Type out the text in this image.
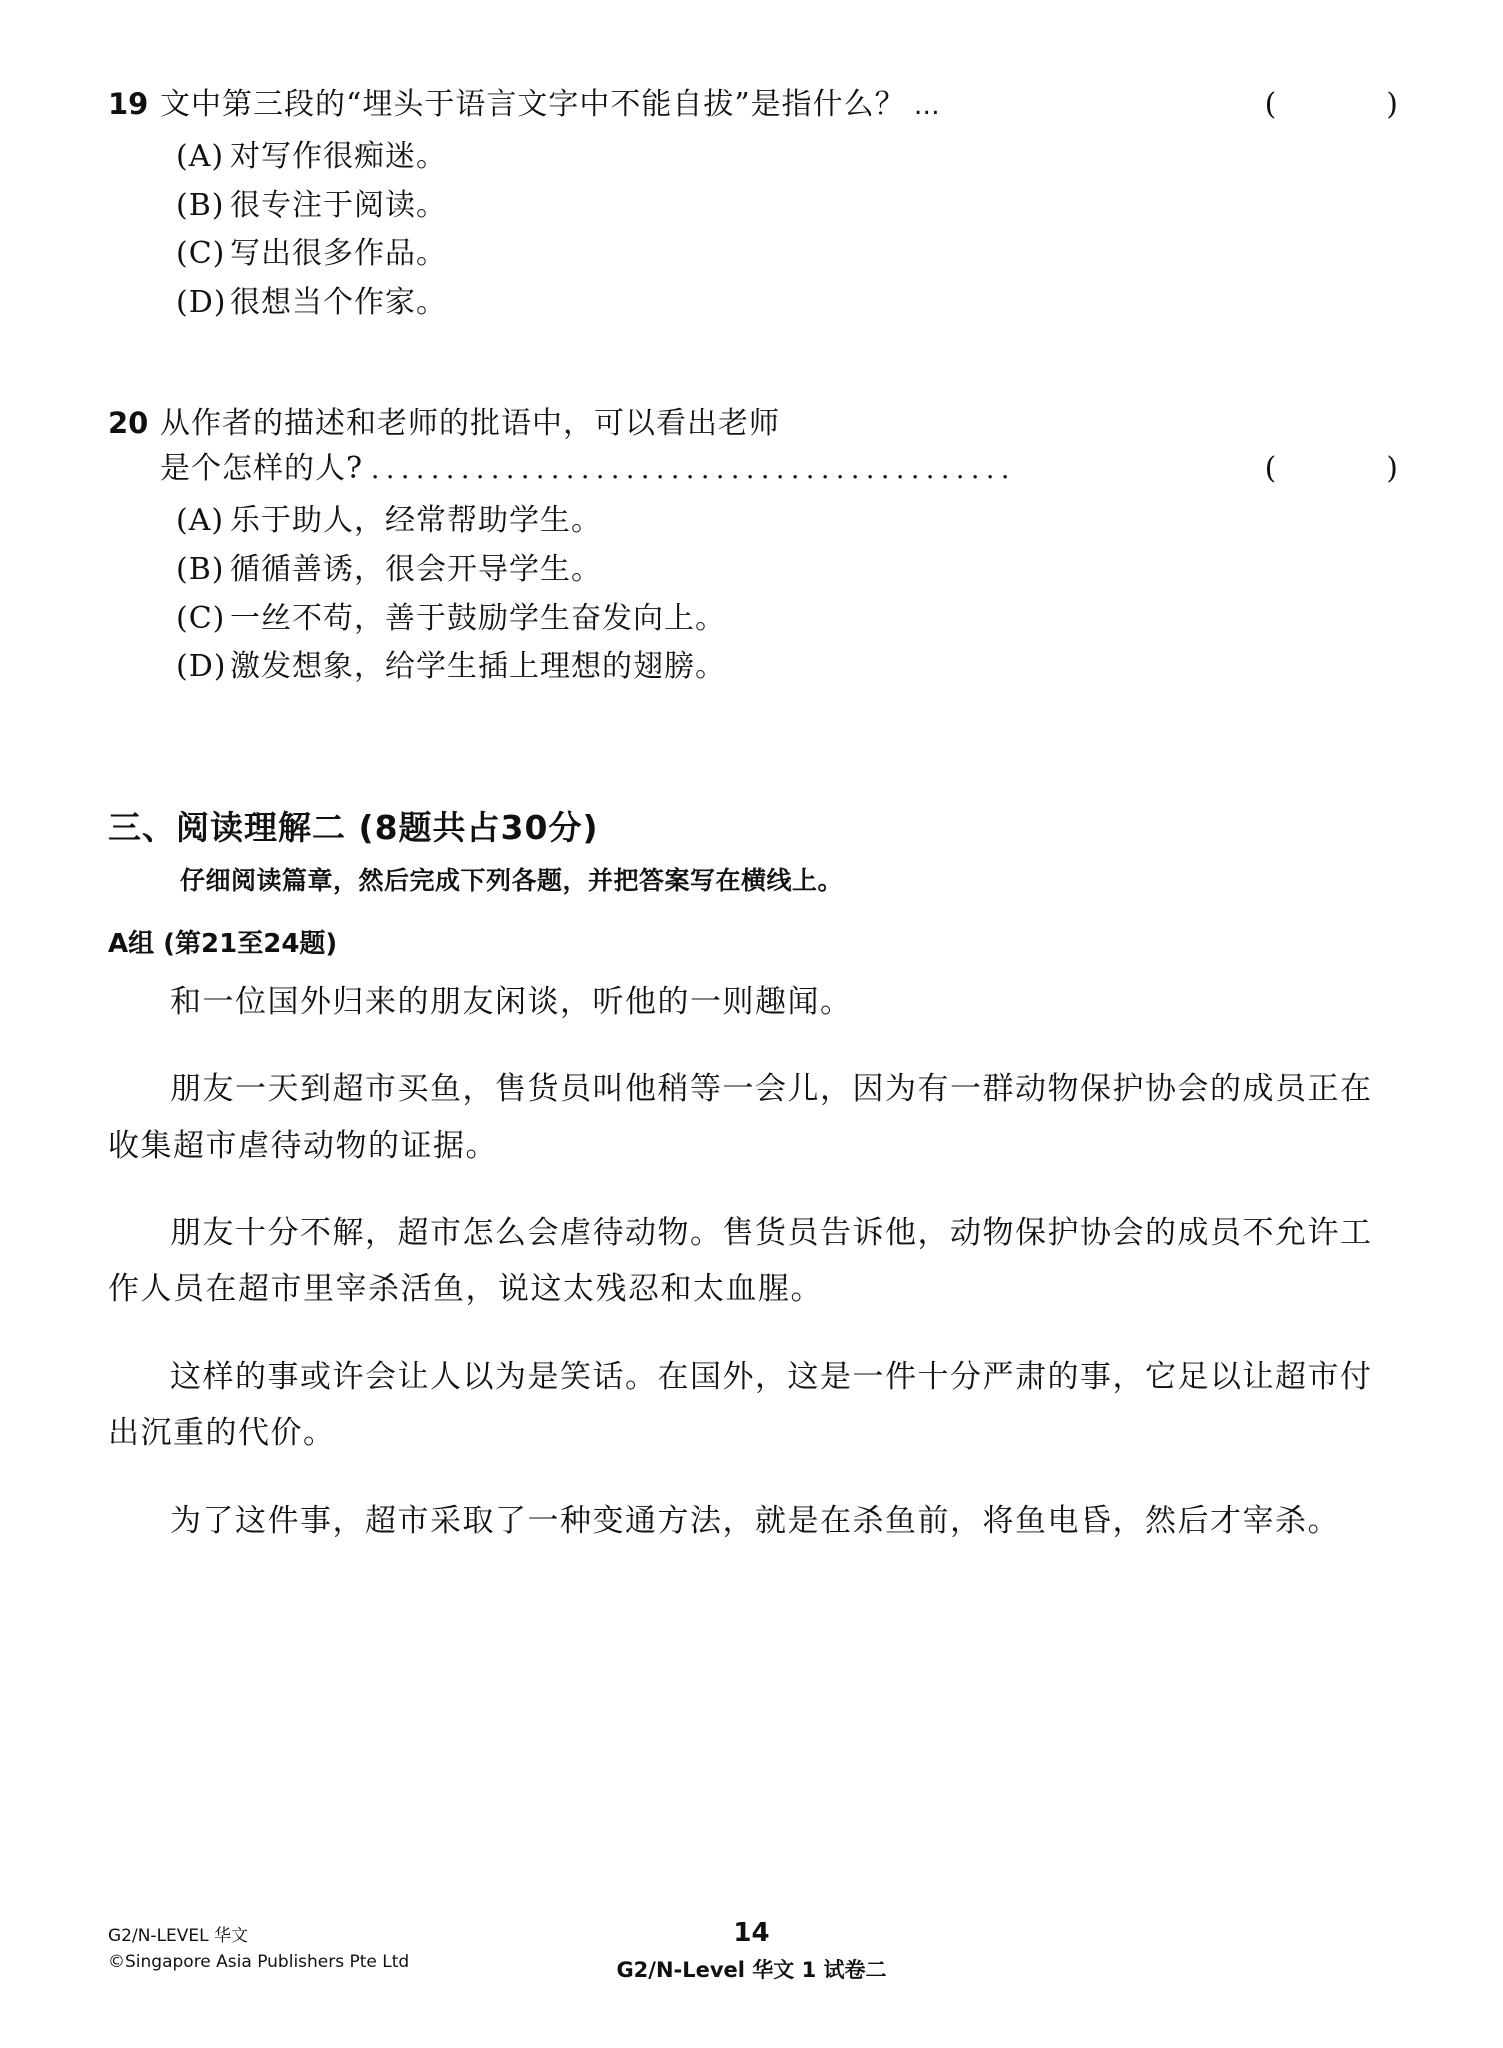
19 文中第三段的“埋头于语言文字中不能自拔”是指什么？ …	(	)
(A) 对写作很痴迷。
(B) 很专注于阅读。
(C) 写出很多作品。
(D) 很想当个作家。
20 从作者的描述和老师的批语中，可以看出老师
是个怎样的人? ．．．．．．．．．．．．．．．．．．．．．．．．．．．．．．．．．．．．．．．．．．．	(	)
(A) 乐于助人，经常帮助学生。
(B) 循循善诱，很会开导学生。
(C) 一丝不苟，善于鼓励学生奋发向上。
(D) 激发想象，给学生插上理想的翅膀。
三、阅读理解二 (8题共占30分)
仔细阅读篇章，然后完成下列各题，并把答案写在横线上。
A组 (第21至24题)

和一位国外归来的朋友闲谈，听他的一则趣闻。

朋友一天到超市买鱼，售货员叫他稍等一会儿，因为有一群动物保护协会的成员正在收集超市虐待动物的证据。

朋友十分不解，超市怎么会虐待动物。售货员告诉他，动物保护协会的成员不允许工作人员在超市里宰杀活鱼，说这太残忍和太血腥。

这样的事或许会让人以为是笑话。在国外，这是一件十分严肃的事，它足以让超市付出沉重的代价。

为了这件事，超市采取了一种变通方法，就是在杀鱼前，将鱼电昏，然后才宰杀。

G2/N-LEVEL 华文
©Singapore Asia Publishers Pte Ltd
14
G2/N-Level 华文 1 试卷二
